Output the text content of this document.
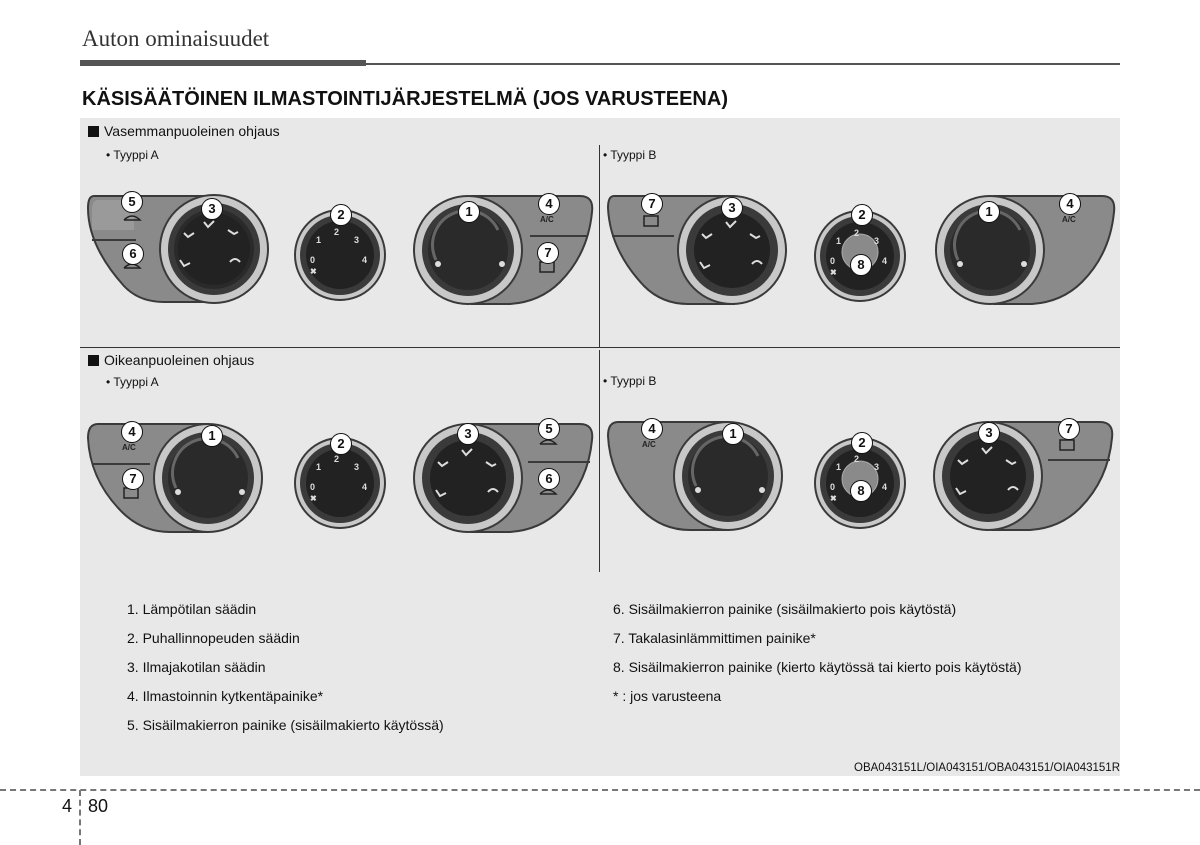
Auton ominaisuudet
KÄSISÄÄTÖINEN ILMASTOINTIJÄRJESTELMÄ (JOS VARUSTEENA)
Vasemmanpuoleinen ohjaus
• Tyyppi A	• Tyyppi B
Oikeanpuoleinen ohjaus
• Tyyppi A	• Tyyppi B
5
6
3	2	1
4
7
A/C
0
1
2
3
4
✖
7	3	2
8
1
4
A/C
0
1
2
3
4
✖
4
7
1
2
3	5
6
A/C
0
1
2
3
4
✖
4	1
2
8
3	7
A/C
0
1
2
3
4
✖
1. Lämpötilan säädin
2. Puhallinnopeuden säädin
3. Ilmajakotilan säädin
4. Ilmastoinnin kytkentäpainike*
5. Sisäilmakierron painike (sisäilmakierto käytössä)
6. Sisäilmakierron painike (sisäilmakierto pois käytöstä)
7. Takalasinlämmittimen painike*
8. Sisäilmakierron painike (kierto käytössä tai kierto pois käytöstä)
* : jos varusteena
OBA043151L/OIA043151/OBA043151/OIA043151R
4 80
